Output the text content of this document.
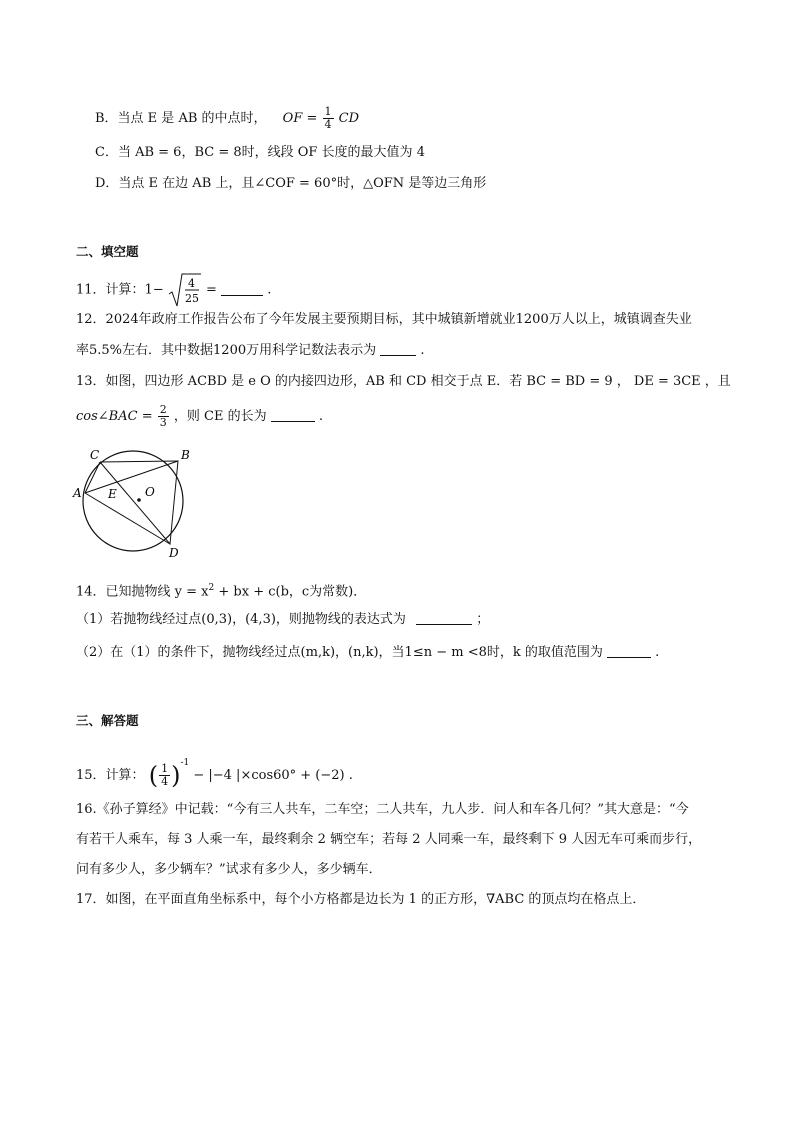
B．当点 E 是 AB 的中点时， OF = $\frac{1}{4}$ CD
C．当 AB = 6，BC = 8时，线段 OF 长度的最大值为 4
D．当点 E 在边 AB 上，且∠COF = 60°时，△OFN 是等边三角形
二、填空题
11．计算：1− 4
25
=	.
12．2024年政府工作报告公布了今年发展主要预期目标，其中城镇新增就业1200万人以上，城镇调查失业
率5.5%左右．其中数据1200万用科学记数法表示为	.
13．如图，四边形 ACBD 是 e O 的内接四边形，AB 和 CD 相交于点 E．若 BC = BD = 9 ， DE = 3CE ，且
cos∠BAC = $\frac{2}{3}$ ，则 CE 的长为	.
C	B
A E O
D
14．已知抛物线 $y = x^2$ + bx + c(b，c为常数)．
（1）若抛物线经过点(0,3)，(4,3)，则抛物线的表达式为	；
（2）在（1）的条件下，抛物线经过点(m,k)，(n,k)，当1≤n − m <8时，k 的取值范围为	.
三、解答题
15．计算： ( $\frac{1}{4} )^{-1} - |-4$ |×cos60° + (−2) .
16.《孙子算经》中记载：“今有三人共车，二车空；二人共车，九人步．问人和车各几何？”其大意是：“今
有若干人乘车，每 3 人乘一车，最终剩余 2 辆空车；若每 2 人同乘一车，最终剩下 9 人因无车可乘而步行，
问有多少人，多少辆车？”试求有多少人，多少辆车．
17．如图，在平面直角坐标系中，每个小方格都是边长为 1 的正方形，∇ABC 的顶点均在格点上．
